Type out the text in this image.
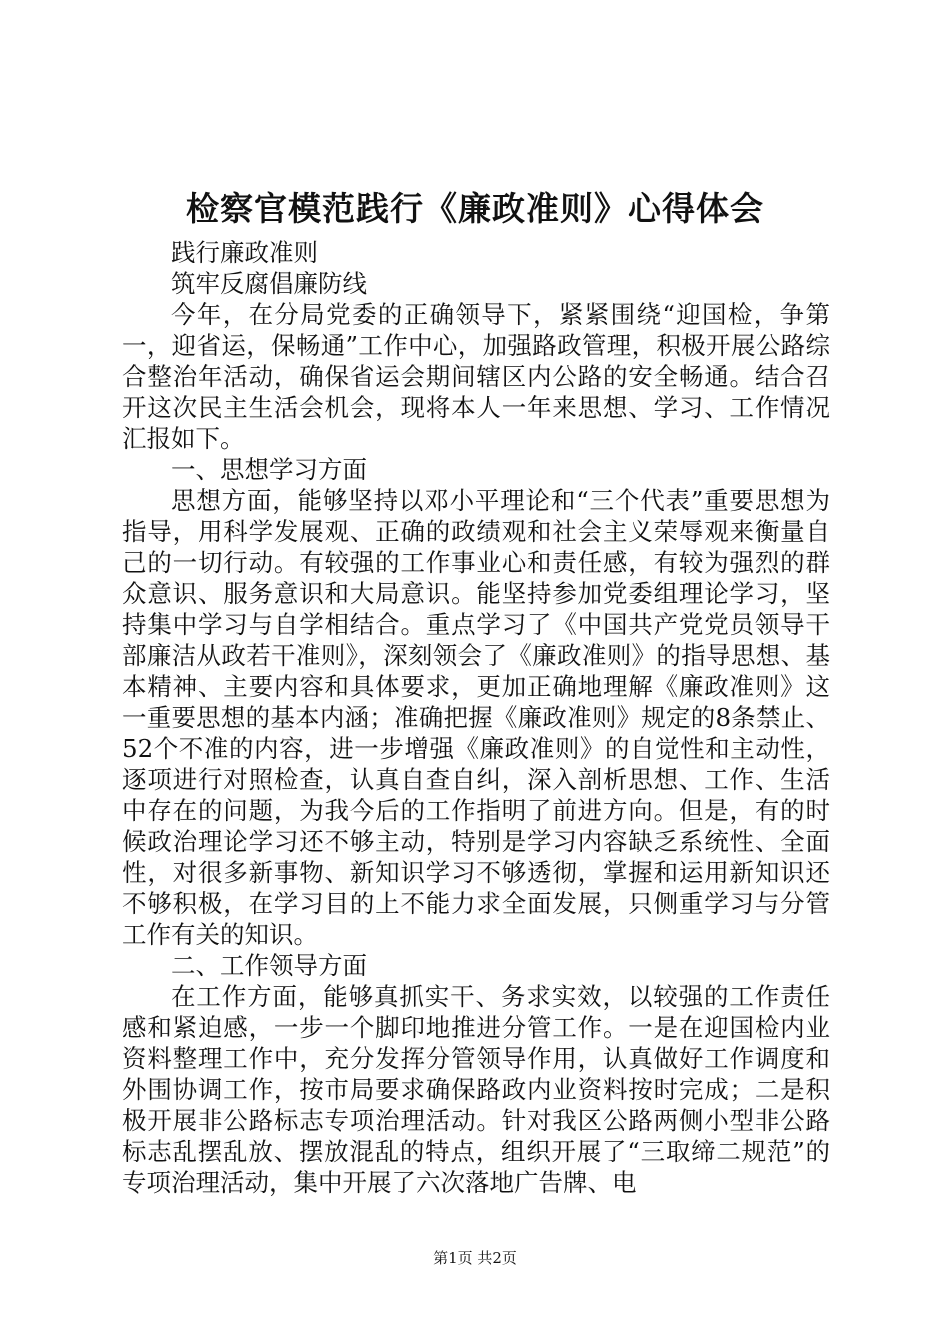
检察官模范践行《廉政准则》心得体会

践行廉政准则

筑牢反腐倡廉防线

今年，在分局党委的正确领导下，紧紧围绕“迎国检，争第一，迎省运，保畅通”工作中心，加强路政管理，积极开展公路综合整治年活动，确保省运会期间辖区内公路的安全畅通。结合召开这次民主生活会机会，现将本人一年来思想、学习、工作情况汇报如下。

一、思想学习方面

思想方面，能够坚持以邓小平理论和“三个代表”重要思想为指导，用科学发展观、正确的政绩观和社会主义荣辱观来衡量自己的一切行动。有较强的工作事业心和责任感，有较为强烈的群众意识、服务意识和大局意识。能坚持参加党委组理论学习，坚持集中学习与自学相结合。重点学习了《中国共产党党员领导干部廉洁从政若干准则》，深刻领会了《廉政准则》的指导思想、基本精神、主要内容和具体要求，更加正确地理解《廉政准则》这一重要思想的基本内涵；准确把握《廉政准则》规定的8条禁止、52个不准的内容，进一步增强《廉政准则》的自觉性和主动性，逐项进行对照检查，认真自查自纠，深入剖析思想、工作、生活中存在的问题，为我今后的工作指明了前进方向。但是，有的时候政治理论学习还不够主动，特别是学习内容缺乏系统性、全面性，对很多新事物、新知识学习不够透彻，掌握和运用新知识还不够积极，在学习目的上不能力求全面发展，只侧重学习与分管工作有关的知识。

二、工作领导方面

在工作方面，能够真抓实干、务求实效，以较强的工作责任感和紧迫感，一步一个脚印地推进分管工作。一是在迎国检内业资料整理工作中，充分发挥分管领导作用，认真做好工作调度和外围协调工作，按市局要求确保路政内业资料按时完成；二是积极开展非公路标志专项治理活动。针对我区公路两侧小型非公路标志乱摆乱放、摆放混乱的特点，组织开展了“三取缔二规范”的专项治理活动，集中开展了六次落地广告牌、电

第1页 共2页
